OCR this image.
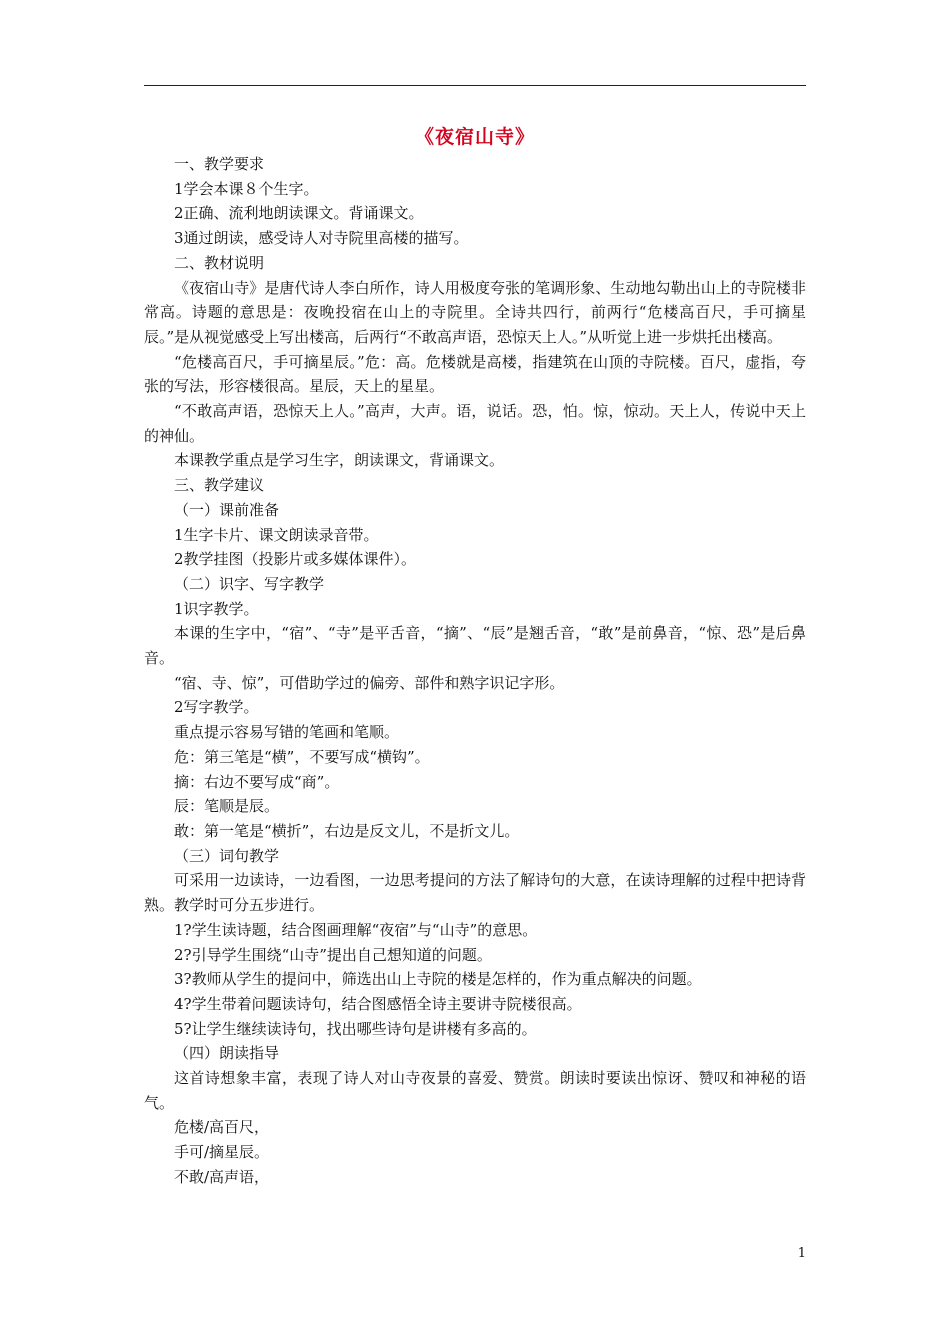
《夜宿山寺》
一、教学要求
1学会本课８个生字。
2正确、流利地朗读课文。背诵课文。
3通过朗读，感受诗人对寺院里高楼的描写。
二、教材说明
《夜宿山寺》是唐代诗人李白所作，诗人用极度夸张的笔调形象、生动地勾勒出山上的寺院楼非常高。诗题的意思是：夜晚投宿在山上的寺院里。全诗共四行，前两行“危楼高百尺，手可摘星辰。”是从视觉感受上写出楼高，后两行“不敢高声语，恐惊天上人。”从听觉上进一步烘托出楼高。
“危楼高百尺，手可摘星辰。”危：高。危楼就是高楼，指建筑在山顶的寺院楼。百尺，虚指，夸张的写法，形容楼很高。星辰，天上的星星。
“不敢高声语，恐惊天上人。”高声，大声。语，说话。恐，怕。惊，惊动。天上人，传说中天上的神仙。
本课教学重点是学习生字，朗读课文，背诵课文。
三、教学建议
（一）课前准备
1生字卡片、课文朗读录音带。
2教学挂图（投影片或多媒体课件）。
（二）识字、写字教学
1识字教学。
本课的生字中，“宿”、“寺”是平舌音，“摘”、“辰”是翘舌音，“敢”是前鼻音，“惊、恐”是后鼻音。
“宿、寺、惊”，可借助学过的偏旁、部件和熟字识记字形。
2写字教学。
重点提示容易写错的笔画和笔顺。
危：第三笔是“横”，不要写成“横钩”。
摘：右边不要写成“商”。
辰：笔顺是辰。
敢：第一笔是“横折”，右边是反文儿，不是折文儿。
（三）词句教学
可采用一边读诗，一边看图，一边思考提问的方法了解诗句的大意，在读诗理解的过程中把诗背熟。教学时可分五步进行。
1?学生读诗题，结合图画理解“夜宿”与“山寺”的意思。
2?引导学生围绕“山寺”提出自己想知道的问题。
3?教师从学生的提问中，筛选出山上寺院的楼是怎样的，作为重点解决的问题。
4?学生带着问题读诗句，结合图感悟全诗主要讲寺院楼很高。
5?让学生继续读诗句，找出哪些诗句是讲楼有多高的。
（四）朗读指导
这首诗想象丰富，表现了诗人对山寺夜景的喜爱、赞赏。朗读时要读出惊讶、赞叹和神秘的语气。
危楼/高百尺，
手可/摘星辰。
不敢/高声语，
1
